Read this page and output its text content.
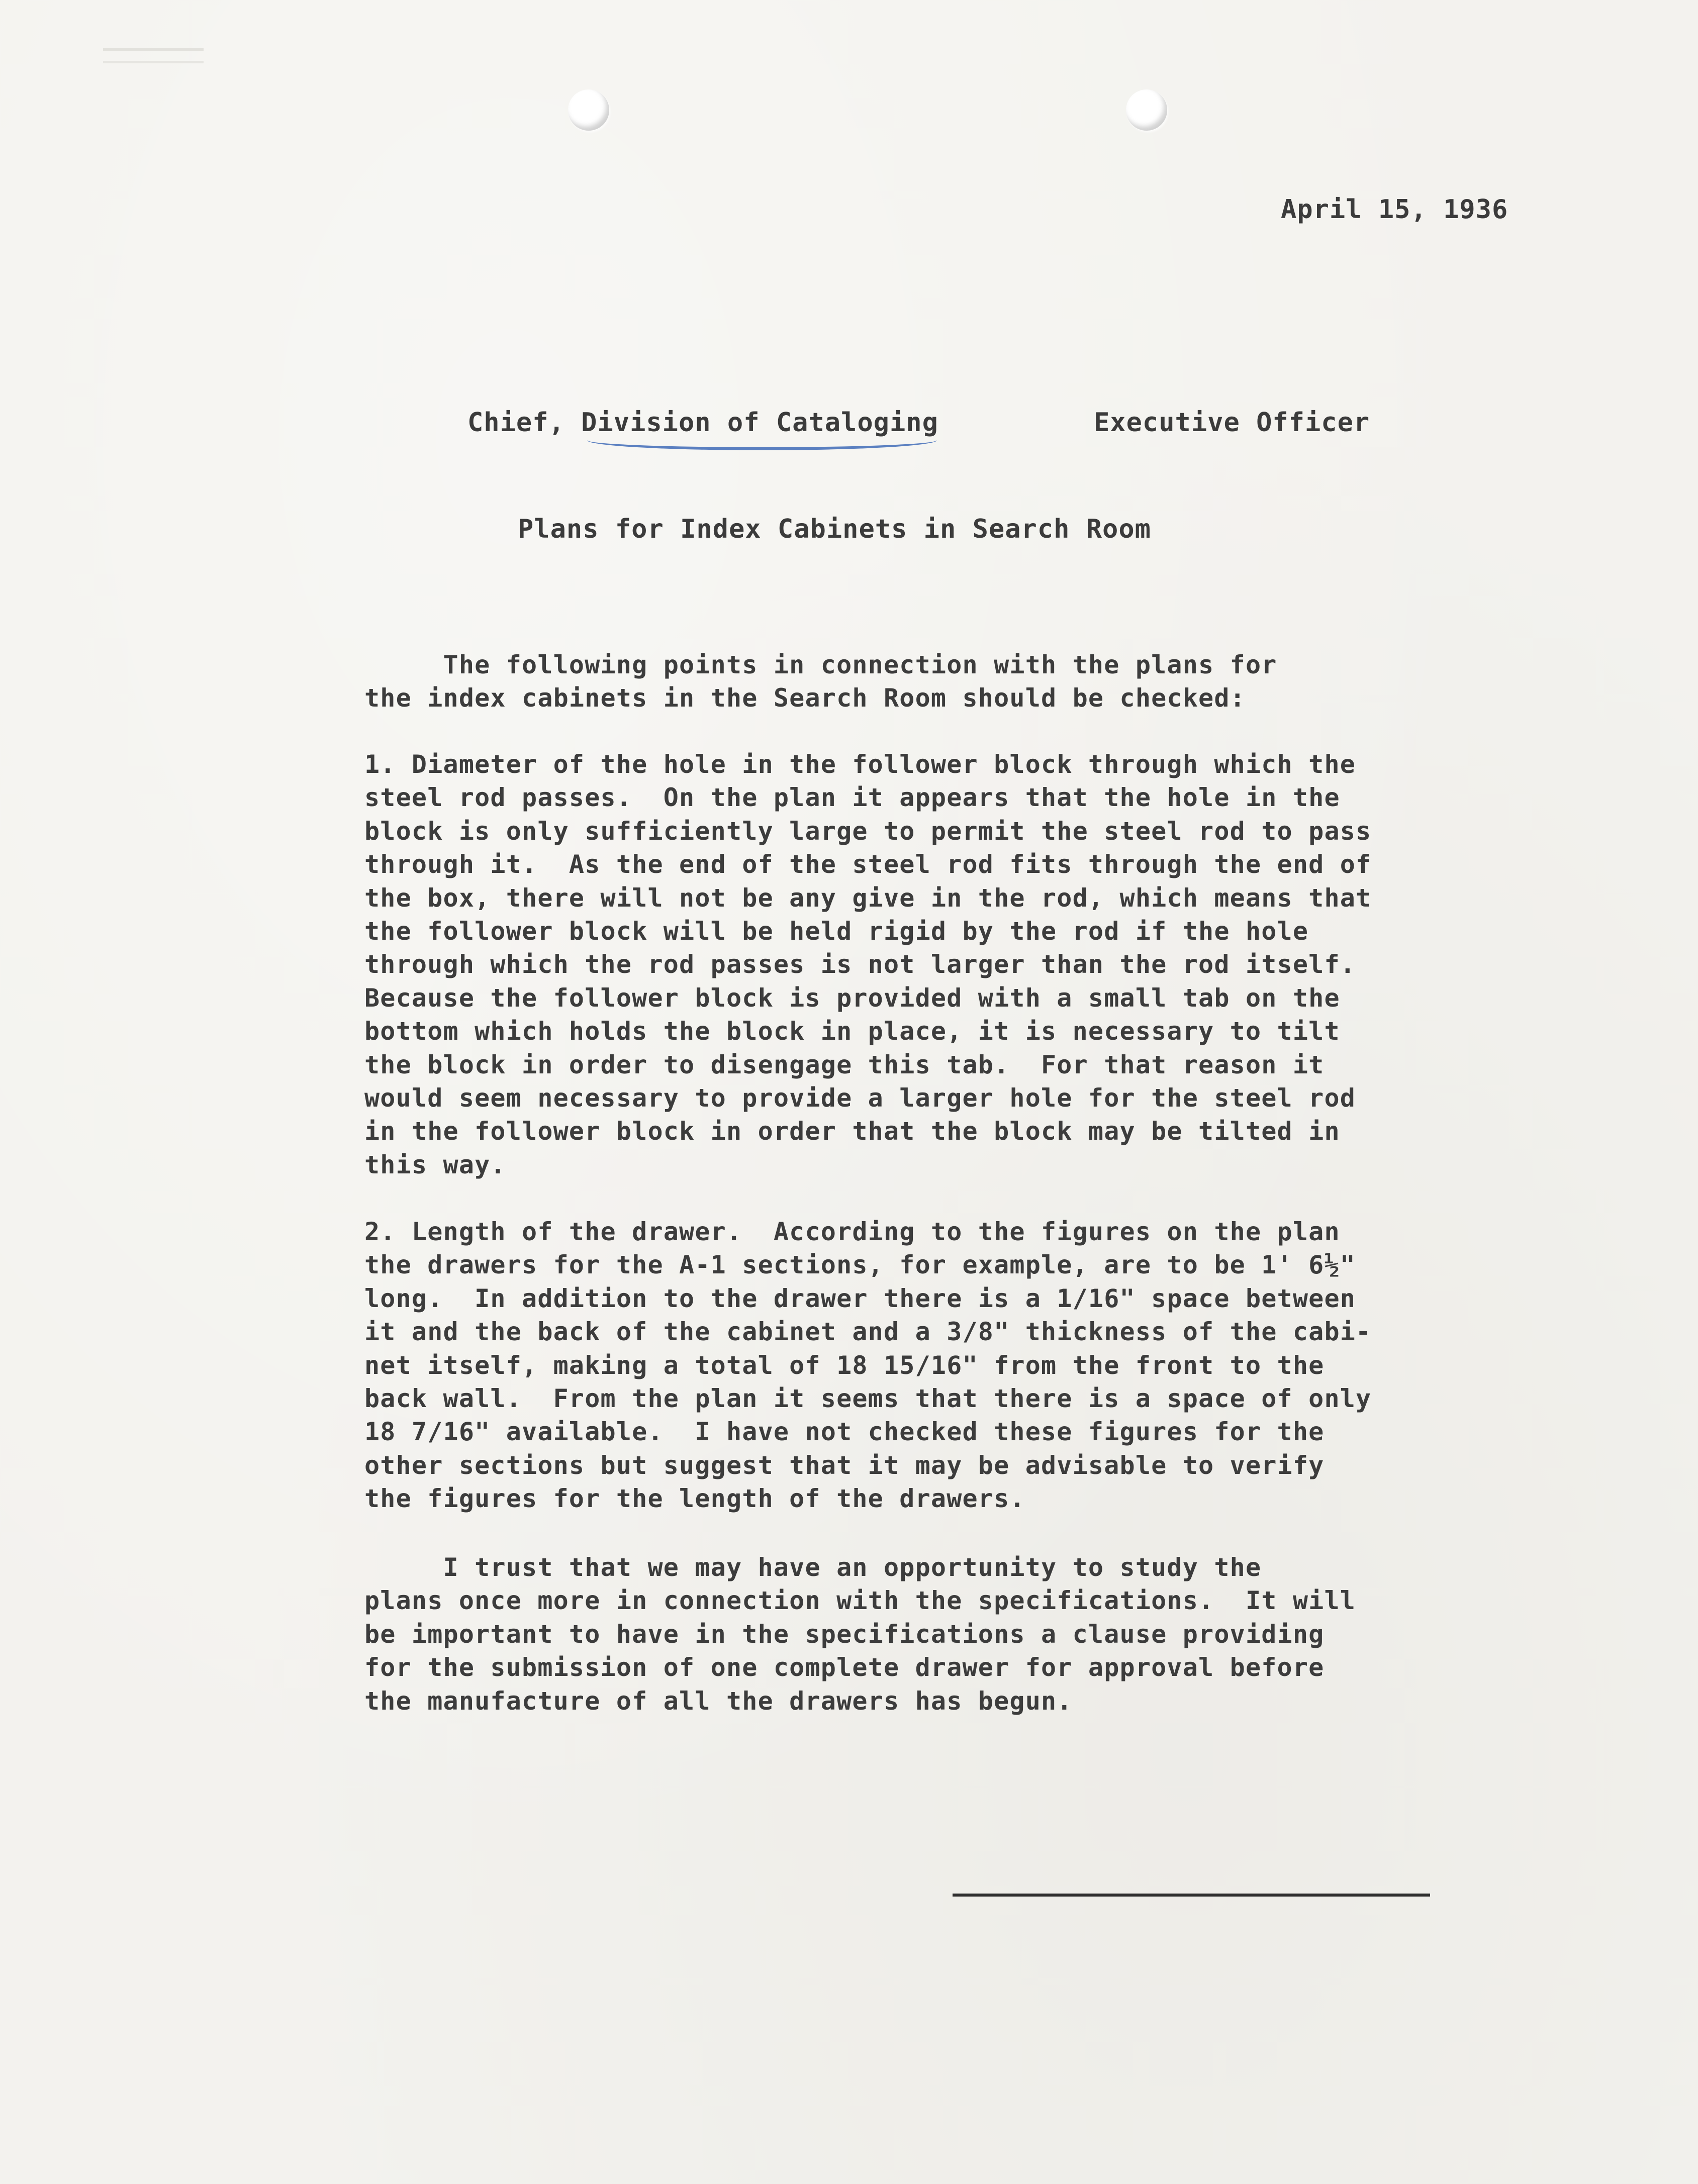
April 15, 1936
Chief, Division of Cataloging	Executive Officer
Plans for Index Cabinets in Search Room
The following points in connection with the plans for
the index cabinets in the Search Room should be checked:
1. Diameter of the hole in the follower block through which the
steel rod passes.  On the plan it appears that the hole in the
block is only sufficiently large to permit the steel rod to pass
through it.  As the end of the steel rod fits through the end of
the box, there will not be any give in the rod, which means that
the follower block will be held rigid by the rod if the hole
through which the rod passes is not larger than the rod itself.
Because the follower block is provided with a small tab on the
bottom which holds the block in place, it is necessary to tilt
the block in order to disengage this tab.  For that reason it
would seem necessary to provide a larger hole for the steel rod
in the follower block in order that the block may be tilted in
this way.
2. Length of the drawer.  According to the figures on the plan
the drawers for the A-1 sections, for example, are to be 1' 6½"
long.  In addition to the drawer there is a 1/16" space between
it and the back of the cabinet and a 3/8" thickness of the cabi-
net itself, making a total of 18 15/16" from the front to the
back wall.  From the plan it seems that there is a space of only
18 7/16" available.  I have not checked these figures for the
other sections but suggest that it may be advisable to verify
the figures for the length of the drawers.
I trust that we may have an opportunity to study the
plans once more in connection with the specifications.  It will
be important to have in the specifications a clause providing
for the submission of one complete drawer for approval before
the manufacture of all the drawers has begun.
